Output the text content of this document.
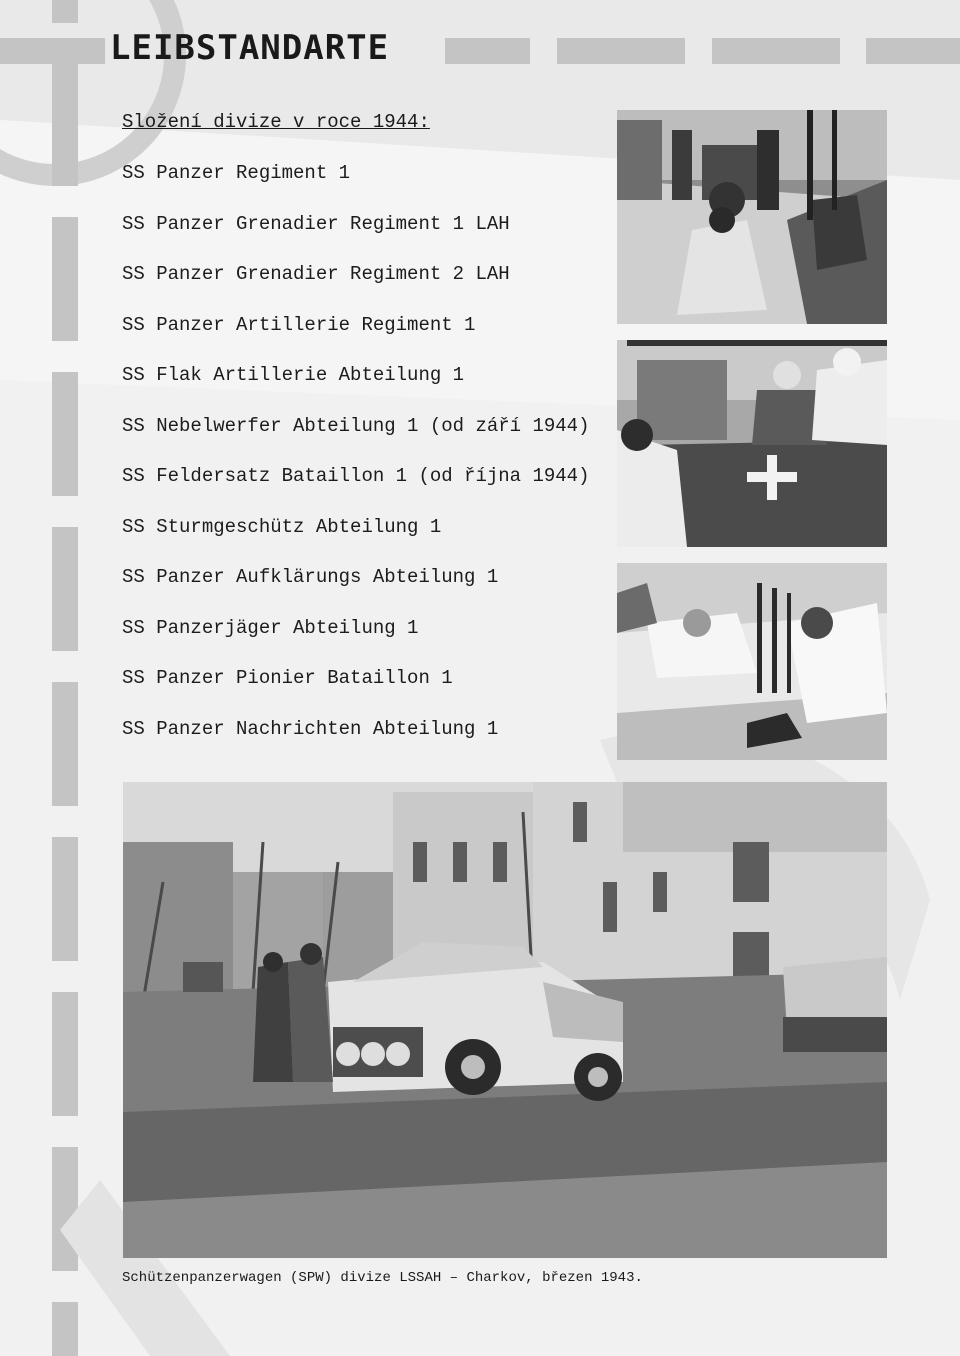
LEIBSTANDARTE
Složení divize v roce 1944:
SS Panzer Regiment 1
SS Panzer Grenadier Regiment 1 LAH
SS Panzer Grenadier Regiment 2 LAH
SS Panzer Artillerie Regiment 1
SS Flak Artillerie Abteilung 1
SS Nebelwerfer Abteilung 1 (od září 1944)
SS Feldersatz Bataillon 1 (od října 1944)
SS Sturmgeschütz Abteilung 1
SS Panzer Aufklärungs Abteilung 1
SS Panzerjäger Abteilung 1
SS Panzer Pionier Bataillon 1
SS Panzer Nachrichten Abteilung 1
Schützenpanzerwagen (SPW) divize LSSAH – Charkov, březen 1943.
